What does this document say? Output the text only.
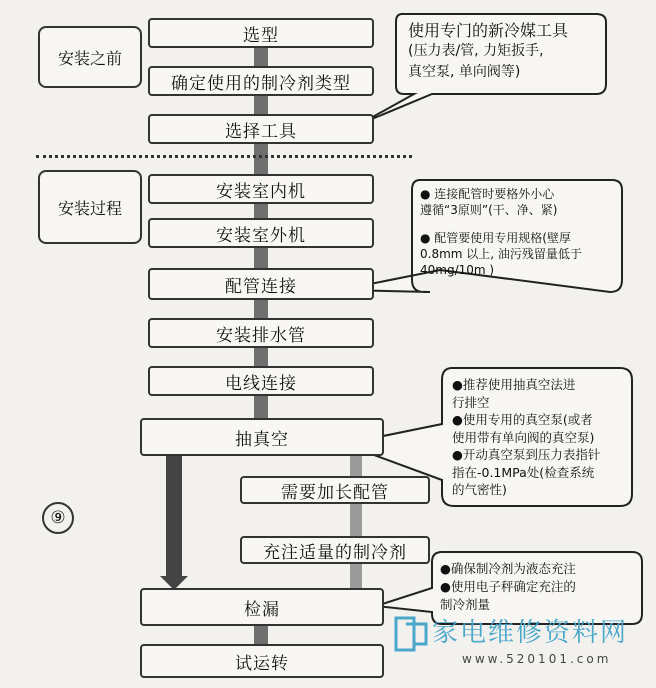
安装之前
安装过程
选型
确定使用的制冷剂类型
选择工具
安装室内机
安装室外机
配管连接
安装排水管
电线连接
抽真空
需要加长配管
充注适量的制冷剂
检漏
试运转
⑨
使用专门的新冷媒工具
(压力表/管, 力矩扳手,
真空泵, 单向阀等)
● 连接配管时要格外小心
遵循“3原则”(干、净、紧)
● 配管要使用专用规格(壁厚
0.8mm 以上, 油污残留量低于
40mg/10m )
●推荐使用抽真空法进
行排空
●使用专用的真空泵(或者
使用带有单向阀的真空泵)
●开动真空泵到压力表指针
指在-0.1MPa处(检查系统
的气密性)
●确保制冷剂为液态充注
●使用电子秤确定充注的
制冷剂量
家电维修资料网
www.520101.com
